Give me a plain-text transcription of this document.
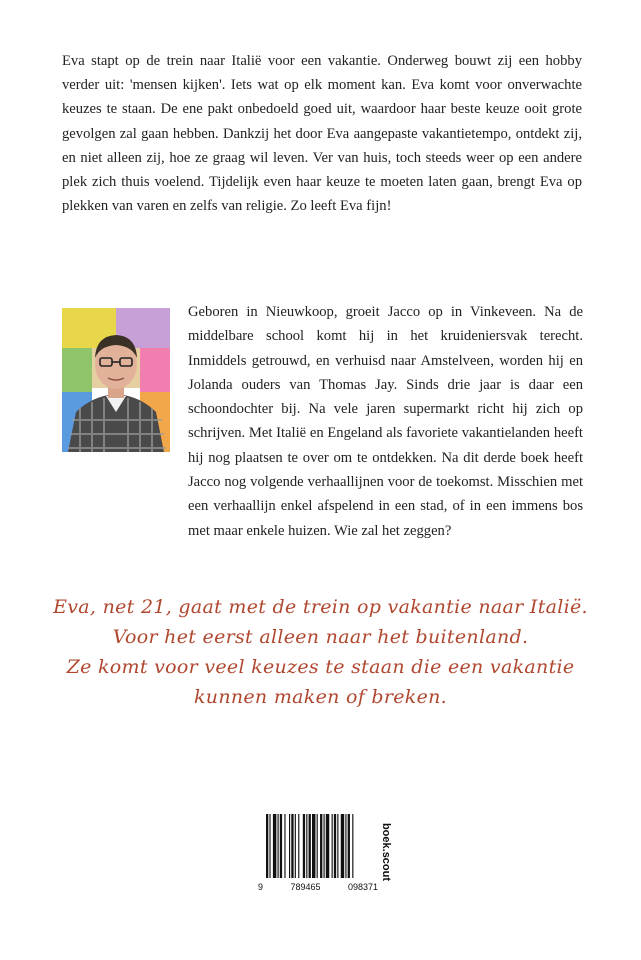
Eva stapt op de trein naar Italië voor een vakantie. Onderweg bouwt zij een hobby verder uit: 'mensen kijken'. Iets wat op elk moment kan. Eva komt voor onverwachte keuzes te staan. De ene pakt onbedoeld goed uit, waardoor haar beste keuze ooit grote gevolgen zal gaan hebben. Dankzij het door Eva aangepaste vakantietempo, ontdekt zij, en niet alleen zij, hoe ze graag wil leven. Ver van huis, toch steeds weer op een andere plek zich thuis voelend. Tijdelijk even haar keuze te moeten laten gaan, brengt Eva op plekken van varen en zelfs van religie. Zo leeft Eva fijn!

Geboren in Nieuwkoop, groeit Jacco op in Vinkeveen. Na de middelbare school komt hij in het kruideniersvak terecht. Inmiddels getrouwd, en verhuisd naar Amstelveen, worden hij en Jolanda ouders van Thomas Jay. Sinds drie jaar is daar een schoondochter bij. Na vele jaren supermarkt richt hij zich op schrijven. Met Italië en Engeland als favoriete vakantielanden heeft hij nog plaatsen te over om te ontdekken. Na dit derde boek heeft Jacco nog volgende verhaallijnen voor de toekomst. Misschien met een verhaallijn enkel afspelend in een stad, of in een immens bos met maar enkele huizen. Wie zal het zeggen?

Eva, net 21, gaat met de trein op vakantie naar Italië.
Voor het eerst alleen naar het buitenland.
Ze komt voor veel keuzes te staan die een vakantie
kunnen maken of breken.
9	789465	098371
boek.scout
